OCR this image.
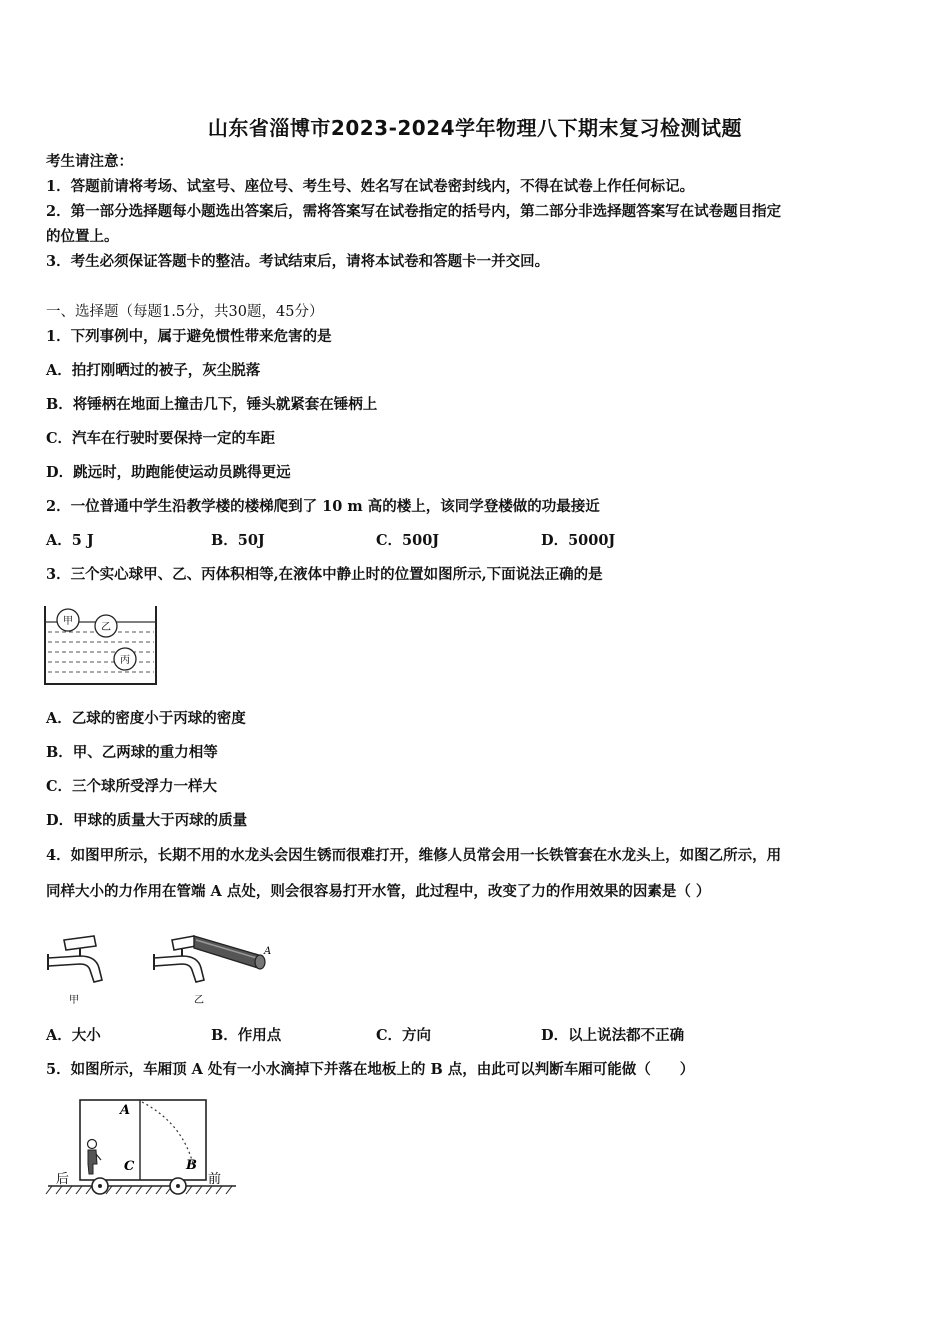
山东省淄博市2023-2024学年物理八下期末复习检测试题
考生请注意：
1．答题前请将考场、试室号、座位号、考生号、姓名写在试卷密封线内，不得在试卷上作任何标记。
2．第一部分选择题每小题选出答案后，需将答案写在试卷指定的括号内，第二部分非选择题答案写在试卷题目指定
的位置上。
3．考生必须保证答题卡的整洁。考试结束后，请将本试卷和答题卡一并交回。
一、选择题（每题1.5分，共30题，45分）
1．下列事例中，属于避免惯性带来危害的是
A．拍打刚晒过的被子，灰尘脱落
B．将锤柄在地面上撞击几下，锤头就紧套在锤柄上
C．汽车在行驶时要保持一定的车距
D．跳远时，助跑能使运动员跳得更远
2．一位普通中学生沿教学楼的楼梯爬到了 10 m 高的楼上，该同学登楼做的功最接近
A．5 J	B．50J	C．500J	D．5000J
3．三个实心球甲、乙、丙体积相等,在液体中静止时的位置如图所示,下面说法正确的是
甲
乙
丙
A．乙球的密度小于丙球的密度
B．甲、乙两球的重力相等
C．三个球所受浮力一样大
D．甲球的质量大于丙球的质量
4．如图甲所示，长期不用的水龙头会因生锈而很难打开，维修人员常会用一长铁管套在水龙头上，如图乙所示，用
同样大小的力作用在管端 A 点处，则会很容易打开水管，此过程中，改变了力的作用效果的因素是（ ）
甲	乙
A
A．大小	B．作用点	C．方向	D．以上说法都不正确
5．如图所示，车厢顶 A 处有一小水滴掉下并落在地板上的 B 点，由此可以判断车厢可能做（　　）
A
B
C
后	前
